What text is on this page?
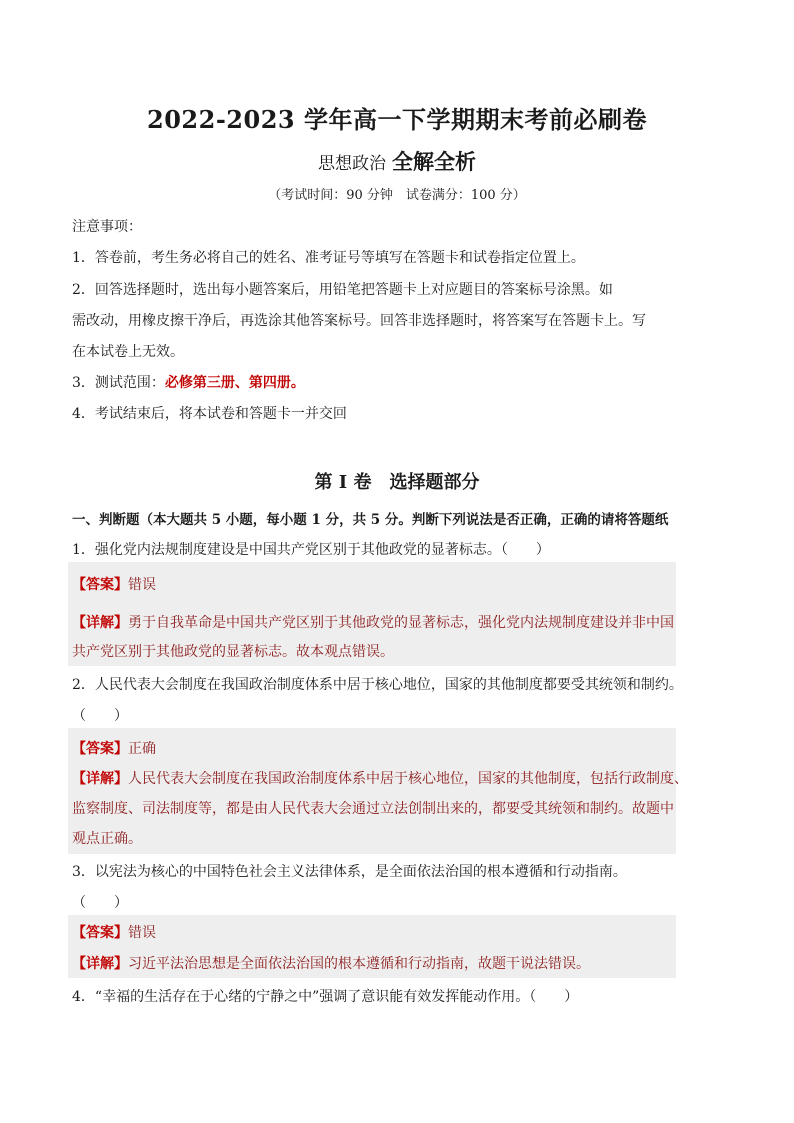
2022-2023 学年高一下学期期末考前必刷卷
思想政治 全解全析
（考试时间：90 分钟　试卷满分：100 分）
注意事项：
1．答卷前，考生务必将自己的姓名、准考证号等填写在答题卡和试卷指定位置上。
2．回答选择题时，选出每小题答案后，用铅笔把答题卡上对应题目的答案标号涂黑。如
需改动，用橡皮擦干净后，再选涂其他答案标号。回答非选择题时，将答案写在答题卡上。写
在本试卷上无效。
3．测试范围：必修第三册、第四册。
4．考试结束后，将本试卷和答题卡一并交回
第 I 卷　选择题部分
一、判断题（本大题共 5 小题，每小题 1 分，共 5 分。判断下列说法是否正确，正确的请将答题纸
1．强化党内法规制度建设是中国共产党区别于其他政党的显著标志。（　　）
【答案】错误
【详解】勇于自我革命是中国共产党区别于其他政党的显著标志，强化党内法规制度建设并非中国
共产党区别于其他政党的显著标志。故本观点错误。
2．人民代表大会制度在我国政治制度体系中居于核心地位，国家的其他制度都要受其统领和制约。
（　　）
【答案】正确
【详解】人民代表大会制度在我国政治制度体系中居于核心地位，国家的其他制度，包括行政制度、
监察制度、司法制度等，都是由人民代表大会通过立法创制出来的，都要受其统领和制约。故题中
观点正确。
3．以宪法为核心的中国特色社会主义法律体系，是全面依法治国的根本遵循和行动指南。
（　　）
【答案】错误
【详解】习近平法治思想是全面依法治国的根本遵循和行动指南，故题干说法错误。
4．“幸福的生活存在于心绪的宁静之中”强调了意识能有效发挥能动作用。（　　）
